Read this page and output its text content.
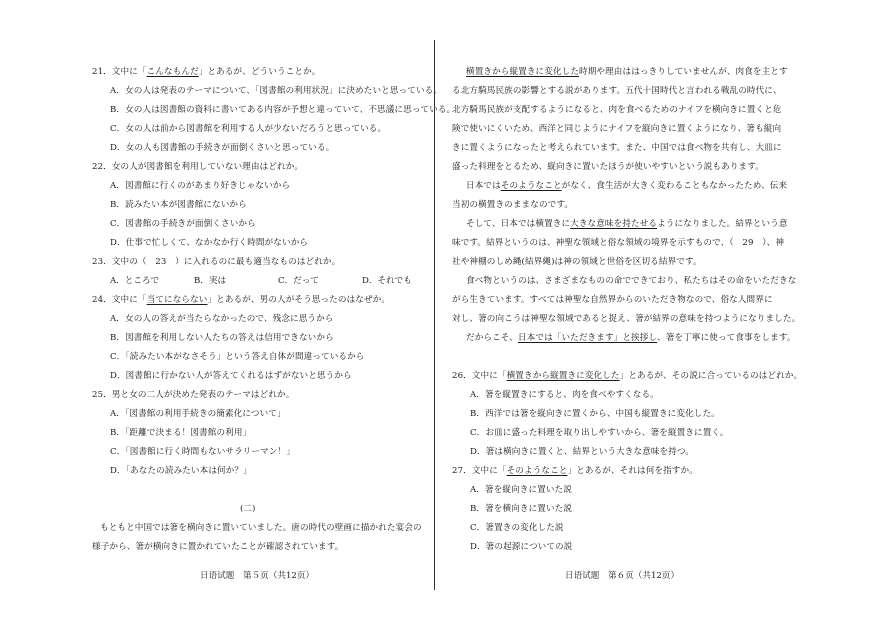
21．文中に「こんなもんだ」とあるが、どういうことか。
A．女の人は発表のテーマについて、「図書館の利用状況」に決めたいと思っている。
B．女の人は図書館の資料に書いてある内容が予想と違っていて、不思議に思っている。
C．女の人は前から図書館を利用する人が少ないだろうと思っている。
D．女の人も図書館の手続きが面倒くさいと思っている。
22．女の人が図書館を利用していない理由はどれか。
A．図書館に行くのがあまり好きじゃないから
B．読みたい本が図書館にないから
C．図書館の手続きが面倒くさいから
D．仕事で忙しくて、なかなか行く時間がないから
23．文中の（　23　）に入れるのに最も適当なものはどれか。
A．ところで	B．実は	C．だって	D．それでも
24．文中に「当てにならない」とあるが、男の人がそう思ったのはなぜか。
A．女の人の答えが当たらなかったので、残念に思うから
B．図書館を利用しない人たちの答えは信用できないから
C．「読みたい本がなさそう」という答え自体が間違っているから
D．図書館に行かない人が答えてくれるはずがないと思うから
25．男と女の二人が決めた発表のテーマはどれか。
A．「図書館の利用手続きの簡素化について」
B．「距離で決まる！図書館の利用」
C．「図書館に行く時間もないサラリーマン！」
D．「あなたの読みたい本は何か？」
(二)
もともと中国では箸を横向きに置いていました。唐の時代の壁画に描かれた宴会の
様子から、箸が横向きに置かれていたことが確認されています。
日语试题　第５页（共12页）
横置きから縦置きに変化した時期や理由ははっきりしていませんが、肉食を主とす
る北方騎馬民族の影響とする説があります。五代十国時代と言われる戦乱の時代に、
北方騎馬民族が支配するようになると、肉を食べるためのナイフを横向きに置くと危
険で使いにくいため、西洋と同じようにナイフを縦向きに置くようになり、箸も縦向
きに置くようになったと考えられています。また、中国では食べ物を共有し、大皿に
盛った料理をとるため、縦向きに置いたほうが使いやすいという説もあります。
日本ではそのようなことがなく、食生活が大きく変わることもなかったため、伝来
当初の横置きのままなのです。
そして、日本では横置きに大きな意味を持たせるようになりました。結界という意
味です。結界というのは、神聖な領域と俗な領域の境界を示すもので、（　29　）、神
社や神棚のしめ縄(結界縄)は神の領域と世俗を区切る結界です。
食べ物というのは、さまざまなものの命でできており、私たちはその命をいただきな
がら生きています。すべては神聖な自然界からのいただき物なので、俗な人間界に
対し、箸の向こうは神聖な領域であると捉え、箸が結界の意味を持つようになりました。
だからこそ、日本では「いただきます」と挨拶し、箸を丁寧に使って食事をします。
26．文中に「横置きから縦置きに変化した」とあるが、その説に合っているのはどれか。
A．箸を縦置きにすると、肉を食べやすくなる。
B．西洋では箸を縦向きに置くから、中国も縦置きに変化した。
C．お皿に盛った料理を取り出しやすいから、箸を縦置きに置く。
D．箸は横向きに置くと、結界という大きな意味を持つ。
27．文中に「そのようなこと」とあるが、それは何を指すか。
A．箸を縦向きに置いた説
B．箸を横向きに置いた説
C．箸置きの変化した説
D．箸の起源についての説
日语试题　第６页（共12页）
